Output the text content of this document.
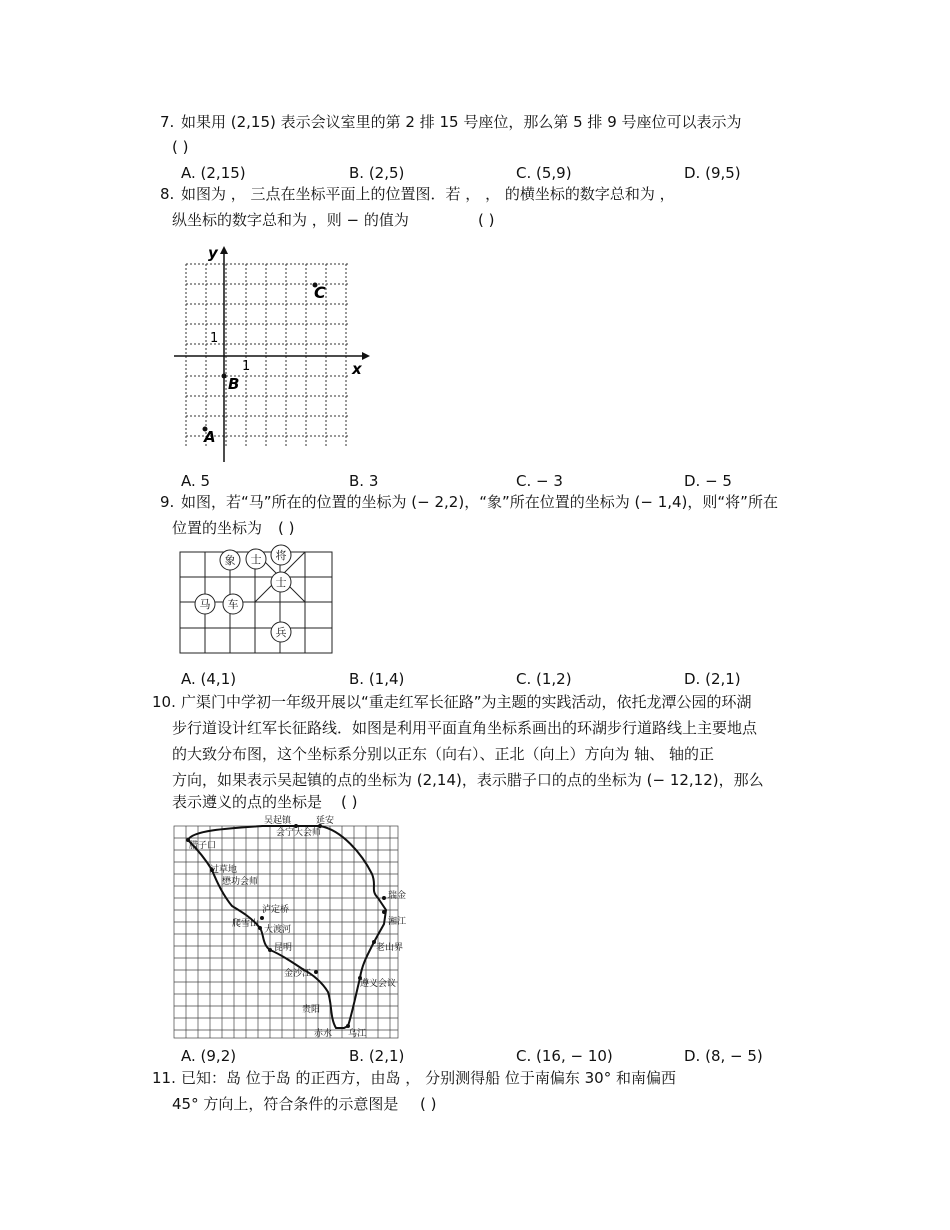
7. 如果用 (2,15) 表示会议室里的第 2 排 15 号座位，那么第 5 排 9 号座位可以表示为
( )
A. (2,15)	B. (2,5)	C. (5,9)	D. (9,5)
8. 如图为 ， 三点在坐标平面上的位置图．若 ， ， 的横坐标的数字总和为 ，
纵坐标的数字总和为 ，则 − 的值为	( )
y
x
1
1
B
C
A
A. 5	B. 3	C. − 3	D. − 5
9. 如图，若“马”所在的位置的坐标为 (− 2,2)，“象”所在位置的坐标为 (− 1,4)，则“将”所在
位置的坐标为 ( )
象 士 将
士
马 车
兵
A. (4,1)	B. (1,4)	C. (1,2)	D. (2,1)
10. 广渠门中学初一年级开展以“重走红军长征路”为主题的实践活动，依托龙潭公园的环湖
步行道设计红军长征路线．如图是利用平面直角坐标系画出的环湖步行道路线上主要地点
的大致分布图，这个坐标系分别以正东（向右）、正北（向上）方向为 轴、 轴的正
方向，如果表示吴起镇的点的坐标为 (2,14)，表示腊子口的点的坐标为 (− 12,12)，那么
表示遵义的点的坐标是 ( )
吴起镇	延安
会宁大会师
腊子口
过草地
懋功会师
瑞金
泸定桥
湘江
爬雪山
大渡河
老山界
昆明
金沙江
遵义会议
贵阳
赤水 乌江
A. (9,2)	B. (2,1)	C. (16, − 10)	D. (8, − 5)
11. 已知：岛 位于岛 的正西方，由岛 ， 分别测得船 位于南偏东 30° 和南偏西
45° 方向上，符合条件的示意图是 ( )
